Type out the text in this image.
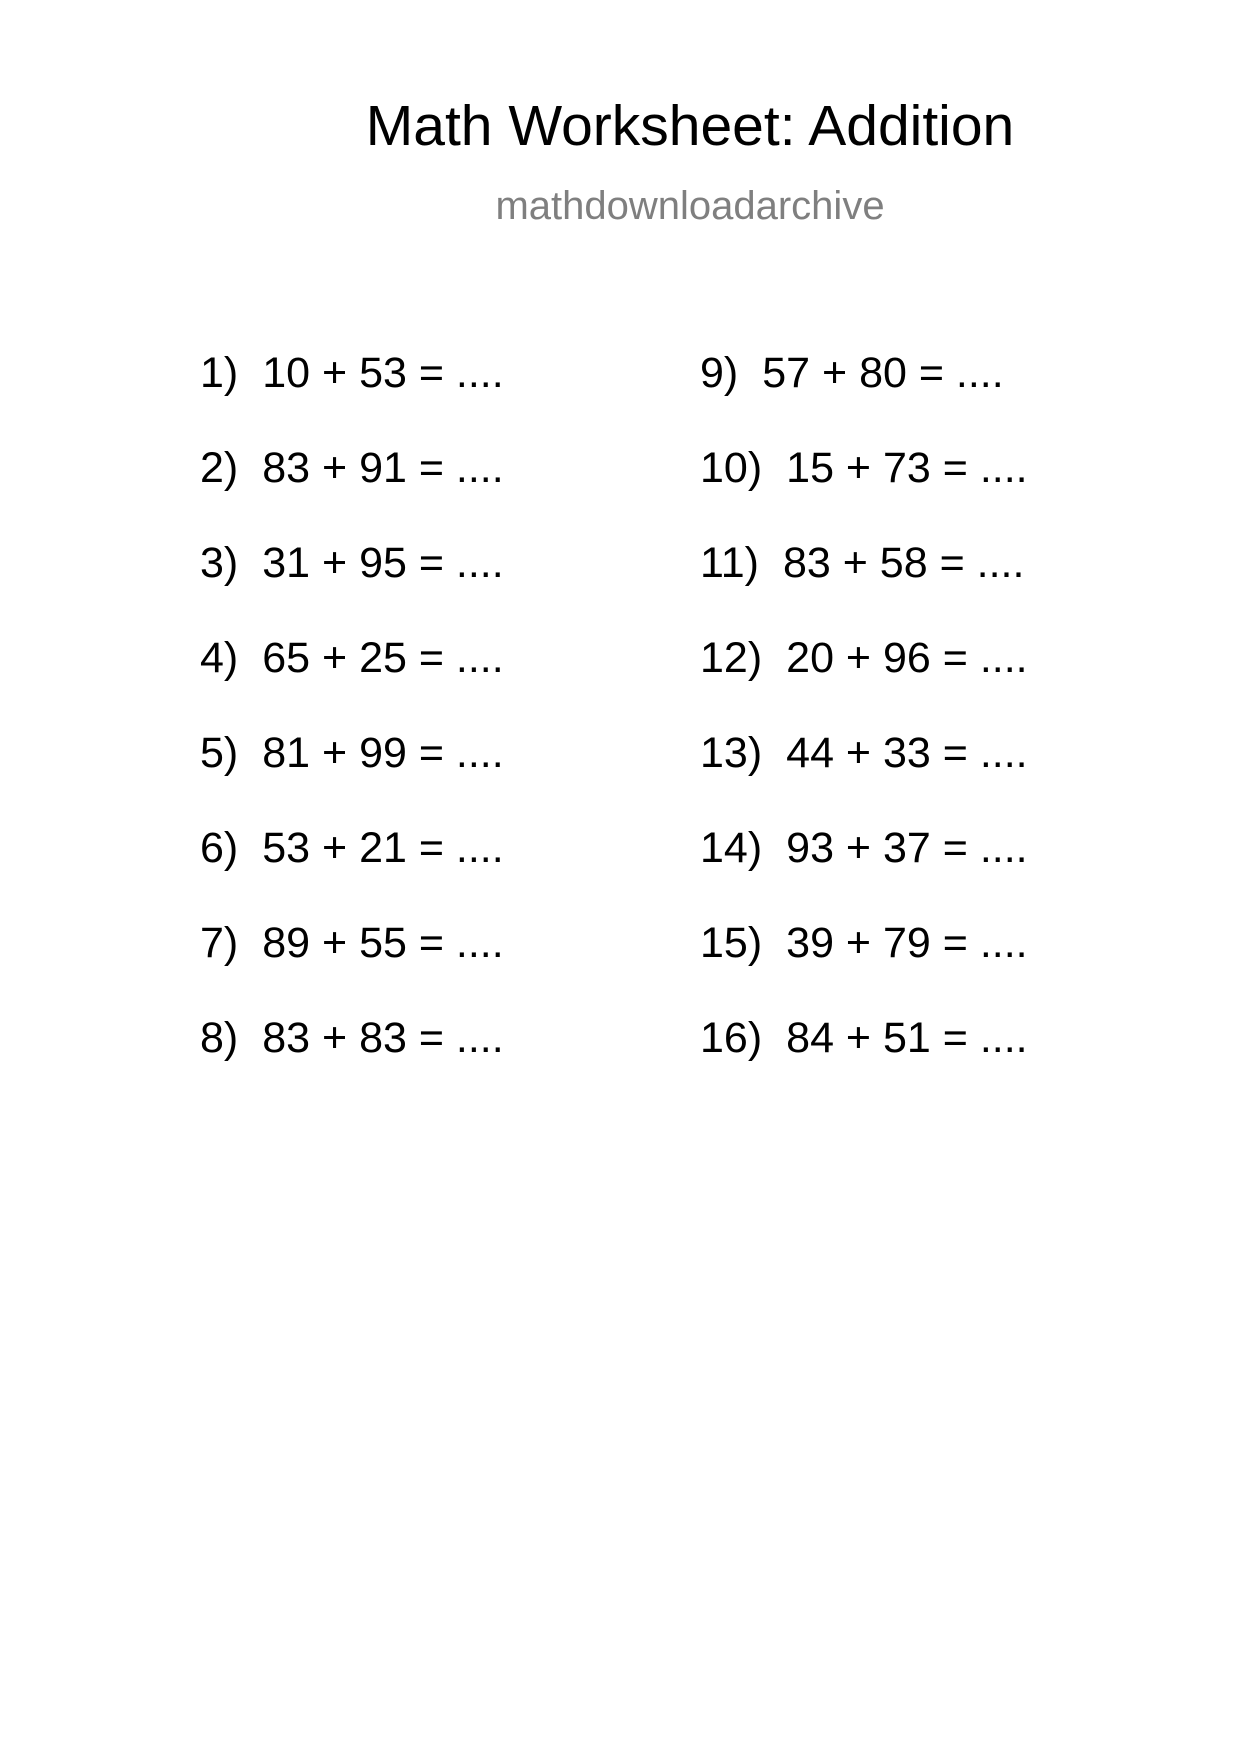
Math Worksheet: Addition
mathdownloadarchive
1) 10 + 53 = ....
2) 83 + 91 = ....
3) 31 + 95 = ....
4) 65 + 25 = ....
5) 81 + 99 = ....
6) 53 + 21 = ....
7) 89 + 55 = ....
8) 83 + 83 = ....
9) 57 + 80 = ....
10) 15 + 73 = ....
11) 83 + 58 = ....
12) 20 + 96 = ....
13) 44 + 33 = ....
14) 93 + 37 = ....
15) 39 + 79 = ....
16) 84 + 51 = ....
